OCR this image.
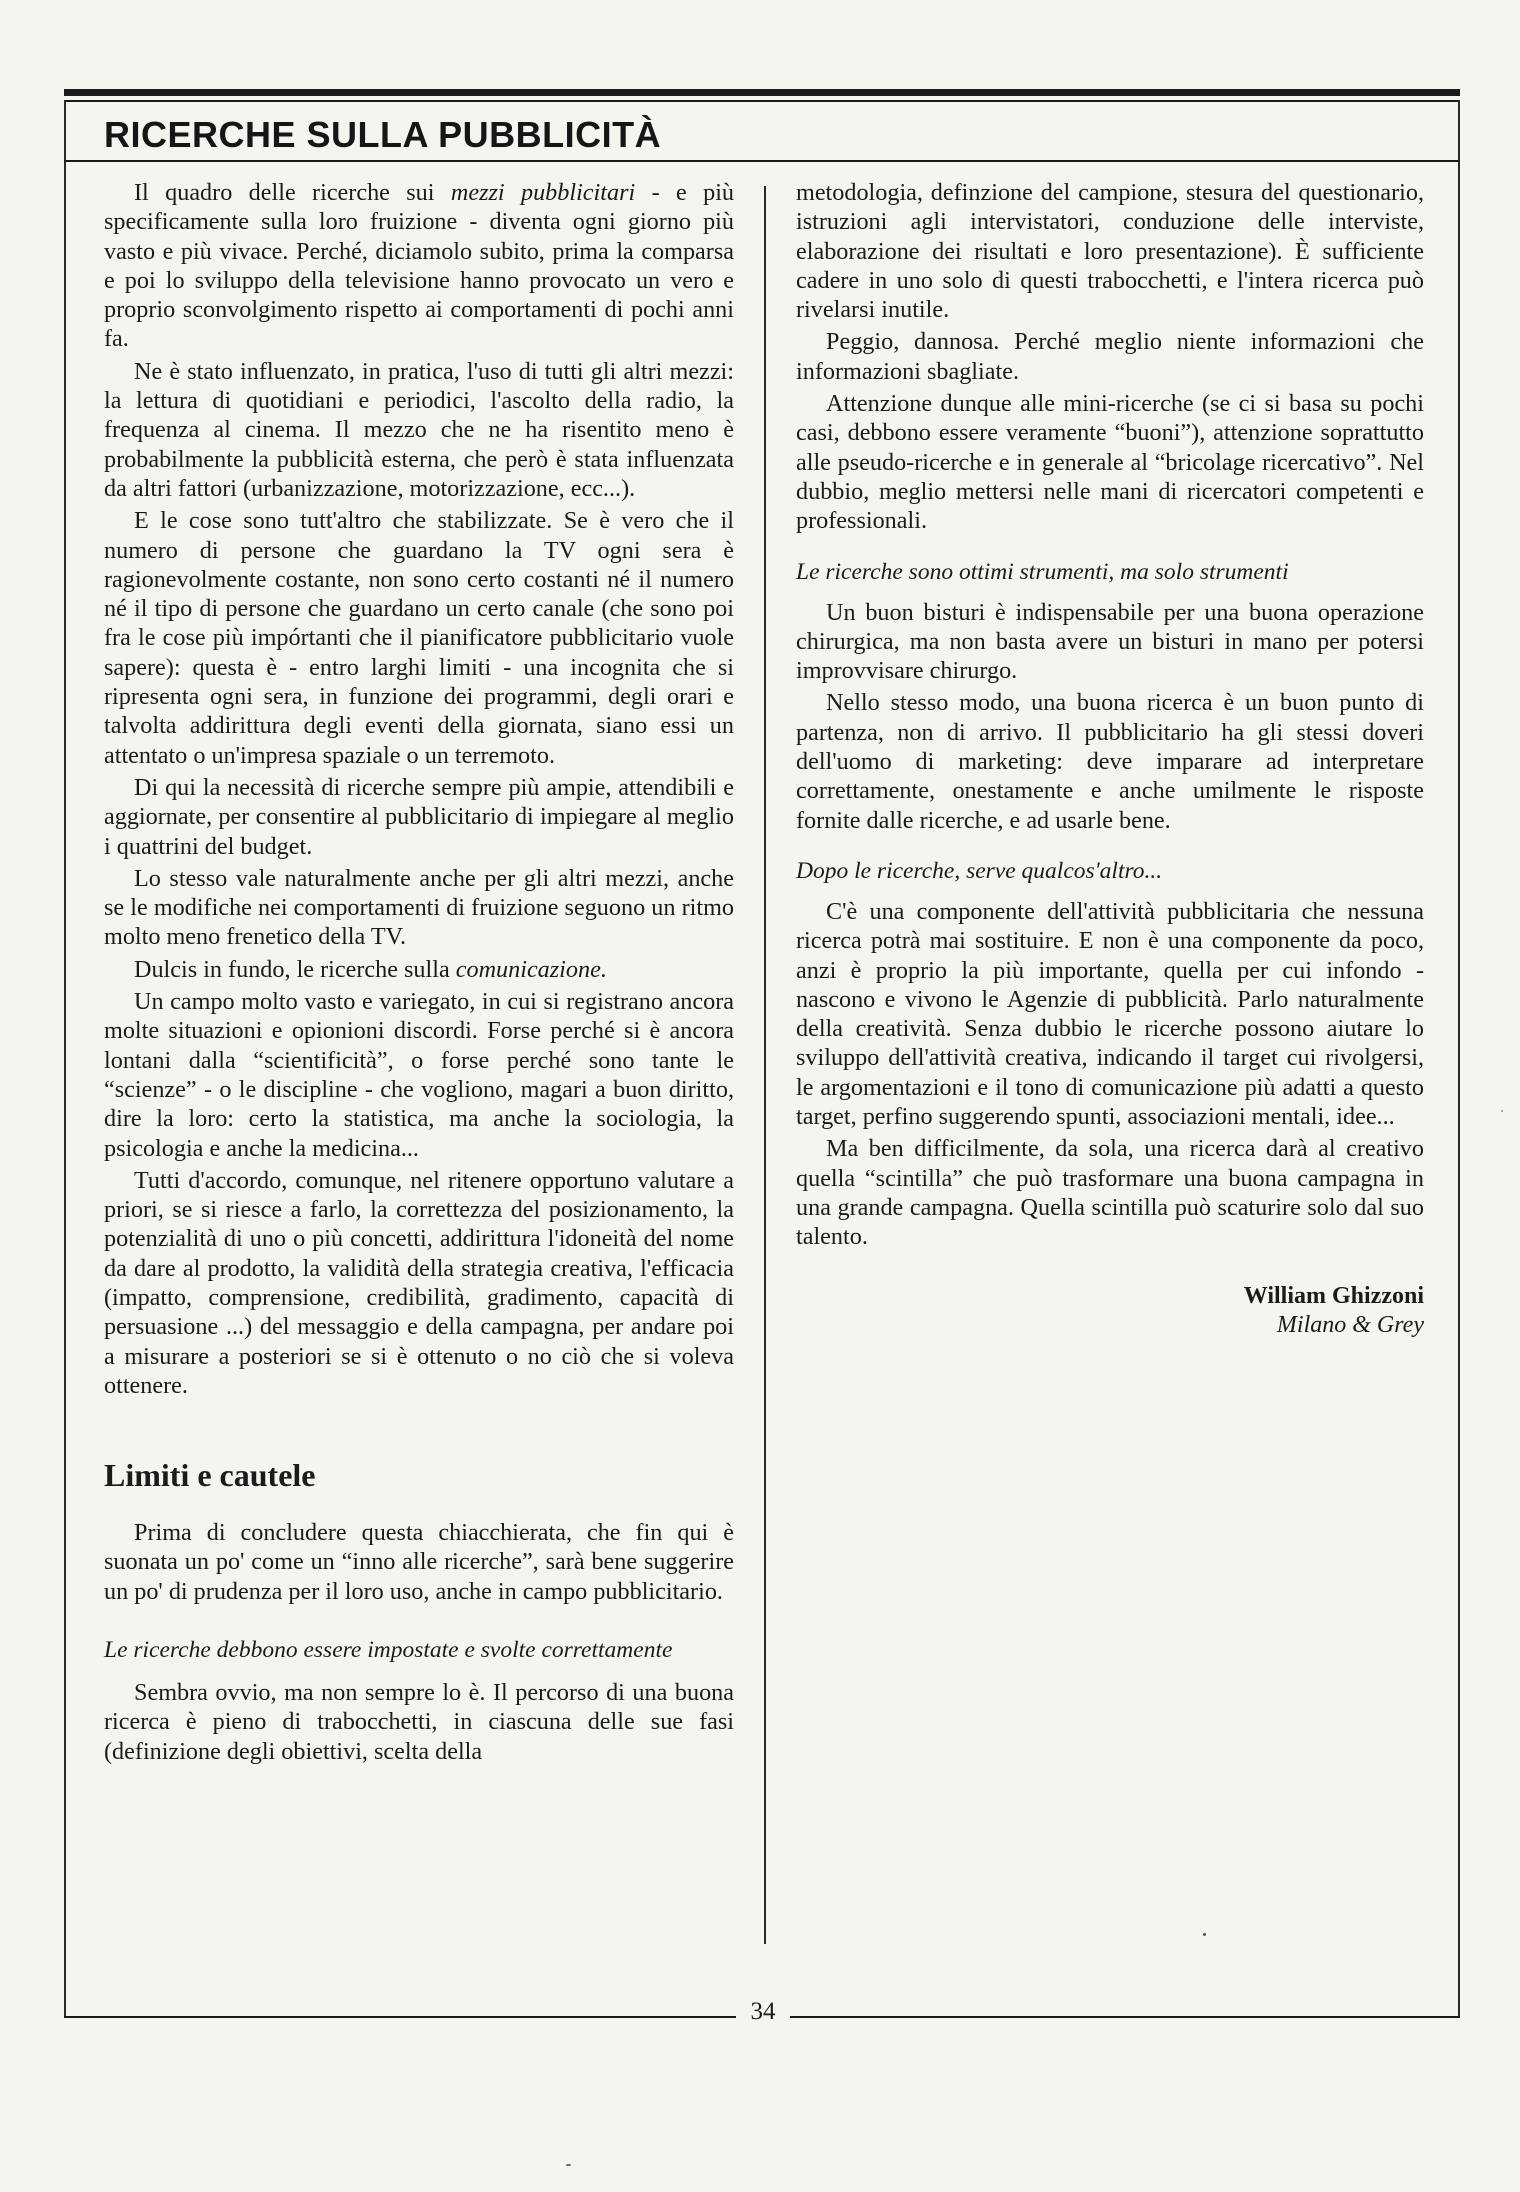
RICERCHE SULLA PUBBLICITÀ

Il quadro delle ricerche sui mezzi pubblicitari - e più specificamente sulla loro fruizione - diventa ogni giorno più vasto e più vivace. Perché, diciamolo subito, prima la comparsa e poi lo sviluppo della televisione hanno provocato un vero e proprio sconvolgimento rispetto ai comportamenti di pochi anni fa.

Ne è stato influenzato, in pratica, l'uso di tutti gli altri mezzi: la lettura di quotidiani e periodici, l'ascolto della radio, la frequenza al cinema. Il mezzo che ne ha risentito meno è probabilmente la pubblicità esterna, che però è stata influenzata da altri fattori (urbanizzazione, motorizzazione, ecc...).

E le cose sono tutt'altro che stabilizzate. Se è vero che il numero di persone che guardano la TV ogni sera è ragionevolmente costante, non sono certo costanti né il numero né il tipo di persone che guardano un certo canale (che sono poi fra le cose più impórtanti che il pianificatore pubblicitario vuole sapere): questa è - entro larghi limiti - una incognita che si ripresenta ogni sera, in funzione dei programmi, degli orari e talvolta addirittura degli eventi della giornata, siano essi un attentato o un'impresa spaziale o un terremoto.

Di qui la necessità di ricerche sempre più ampie, attendibili e aggiornate, per consentire al pubblicitario di impiegare al meglio i quattrini del budget.

Lo stesso vale naturalmente anche per gli altri mezzi, anche se le modifiche nei comportamenti di fruizione seguono un ritmo molto meno frenetico della TV.

Dulcis in fundo, le ricerche sulla comunicazione.

Un campo molto vasto e variegato, in cui si registrano ancora molte situazioni e opionioni discordi. Forse perché si è ancora lontani dalla “scientificità”, o forse perché sono tante le “scienze” - o le discipline - che vogliono, magari a buon diritto, dire la loro: certo la statistica, ma anche la sociologia, la psicologia e anche la medicina...

Tutti d'accordo, comunque, nel ritenere opportuno valutare a priori, se si riesce a farlo, la correttezza del posizionamento, la potenzialità di uno o più concetti, addirittura l'idoneità del nome da dare al prodotto, la validità della strategia creativa, l'efficacia (impatto, comprensione, credibilità, gradimento, capacità di persuasione ...) del messaggio e della campagna, per andare poi a misurare a posteriori se si è ottenuto o no ciò che si voleva ottenere.

Limiti e cautele

Prima di concludere questa chiacchierata, che fin qui è suonata un po' come un “inno alle ricerche”, sarà bene suggerire un po' di prudenza per il loro uso, anche in campo pubblicitario.

Le ricerche debbono essere impostate e svolte correttamente

Sembra ovvio, ma non sempre lo è. Il percorso di una buona ricerca è pieno di trabocchetti, in ciascuna delle sue fasi (definizione degli obiettivi, scelta della

metodologia, definzione del campione, stesura del questionario, istruzioni agli intervistatori, conduzione delle interviste, elaborazione dei risultati e loro presentazione). È sufficiente cadere in uno solo di questi trabocchetti, e l'intera ricerca può rivelarsi inutile.

Peggio, dannosa. Perché meglio niente informazioni che informazioni sbagliate.

Attenzione dunque alle mini-ricerche (se ci si basa su pochi casi, debbono essere veramente “buoni”), attenzione soprattutto alle pseudo-ricerche e in generale al “bricolage ricercativo”. Nel dubbio, meglio mettersi nelle mani di ricercatori competenti e professionali.

Le ricerche sono ottimi strumenti, ma solo strumenti

Un buon bisturi è indispensabile per una buona operazione chirurgica, ma non basta avere un bisturi in mano per potersi improvvisare chirurgo.

Nello stesso modo, una buona ricerca è un buon punto di partenza, non di arrivo. Il pubblicitario ha gli stessi doveri dell'uomo di marketing: deve imparare ad interpretare correttamente, onestamente e anche umilmente le risposte fornite dalle ricerche, e ad usarle bene.

Dopo le ricerche, serve qualcos'altro...

C'è una componente dell'attività pubblicitaria che nessuna ricerca potrà mai sostituire. E non è una componente da poco, anzi è proprio la più importante, quella per cui infondo - nascono e vivono le Agenzie di pubblicità. Parlo naturalmente della creatività. Senza dubbio le ricerche possono aiutare lo sviluppo dell'attività creativa, indicando il target cui rivolgersi, le argomentazioni e il tono di comunicazione più adatti a questo target, perfino suggerendo spunti, associazioni mentali, idee...

Ma ben difficilmente, da sola, una ricerca darà al creativo quella “scintilla” che può trasformare una buona campagna in una grande campagna. Quella scintilla può scaturire solo dal suo talento.

William Ghizzoni
Milano & Grey
34
